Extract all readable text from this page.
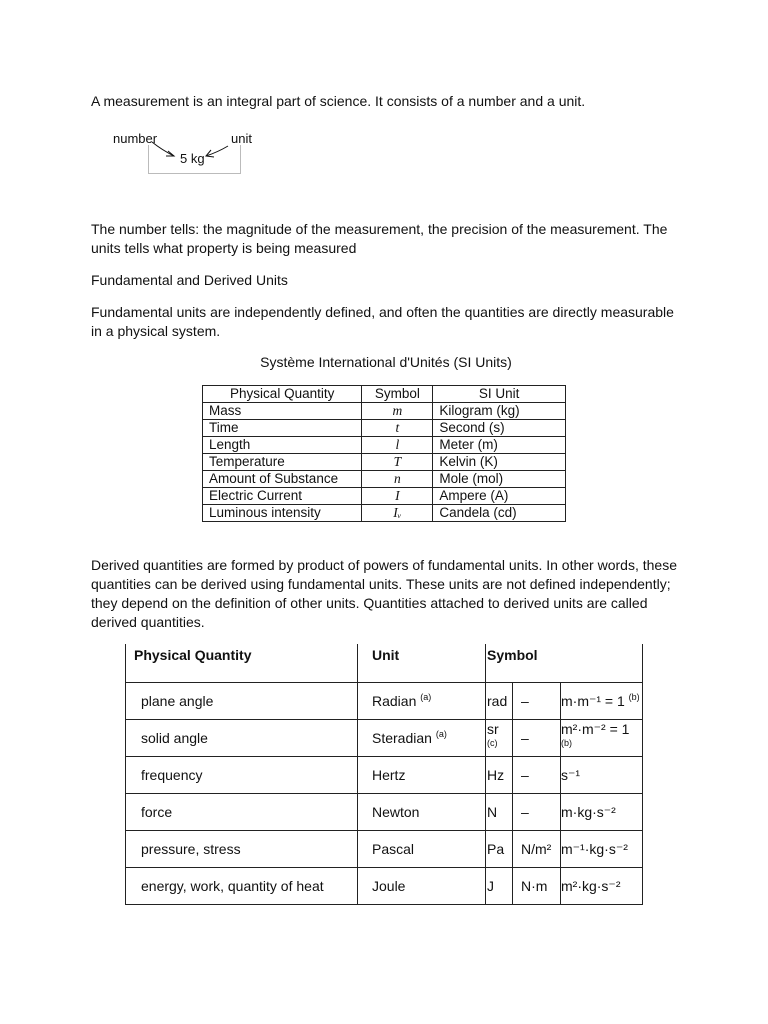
A measurement is an integral part of science. It consists of a number and a unit.

number	unit
5 kg

The number tells: the magnitude of the measurement, the precision of the measurement. The units tells what property is being measured

Fundamental and Derived Units

Fundamental units are independently defined, and often the quantities are directly measurable in a physical system.

Système International d'Unités (SI Units)

Physical Quantity	Symbol	SI Unit
Mass	m	Kilogram (kg)
Time	t	Second (s)
Length	l	Meter (m)
Temperature	T	Kelvin (K)
Amount of Substance	n	Mole (mol)
Electric Current	I	Ampere (A)
Luminous intensity	Iᵥ	Candela (cd)

Derived quantities are formed by product of powers of fundamental units. In other words, these quantities can be derived using fundamental units. These units are not defined independently; they depend on the definition of other units. Quantities attached to derived units are called derived quantities.

Physical Quantity	Unit	Symbol		
plane angle	Radian $^{(a)}$	rad	–	m·m⁻¹ = 1 $^{(b)}$
solid angle	Steradian $^{(a)}$	sr $^{(c)}$	–	m²·m⁻² = 1 $^{(b)}$
frequency	Hertz	Hz	–	s⁻¹
force	Newton	N	–	m·kg·s⁻²
pressure, stress	Pascal	Pa	N/m²	m⁻¹·kg·s⁻²
energy, work, quantity of heat	Joule	J	N·m	m²·kg·s⁻²
